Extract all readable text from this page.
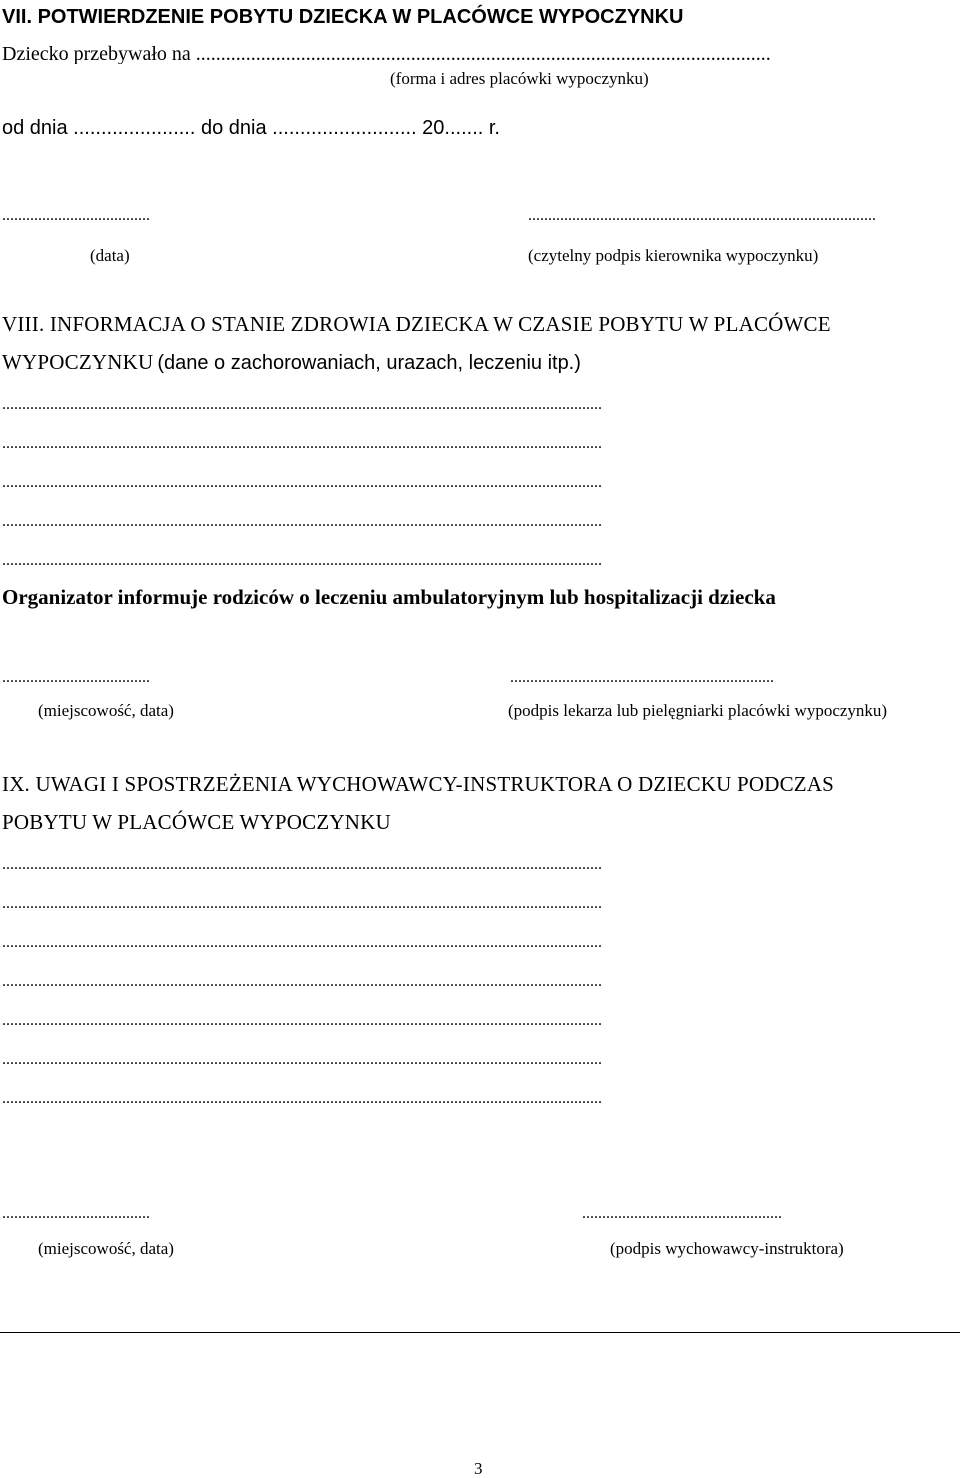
VII. POTWIERDZENIE POBYTU DZIECKA W PLACÓWCE WYPOCZYNKU
Dziecko przebywało na ...................................................................................................................
(forma i adres placówki wypoczynku)
od dnia ...................... do dnia .......................... 20....... r.
.....................................	.......................................................................................
(data)	(czytelny podpis kierownika wypoczynku)
VIII. INFORMACJA O STANIE ZDROWIA DZIECKA W CZASIE POBYTU W PLACÓWCE
WYPOCZYNKU (dane o zachorowaniach, urazach, leczeniu itp.)
......................................................................................................................................................
......................................................................................................................................................
......................................................................................................................................................
......................................................................................................................................................
......................................................................................................................................................
Organizator informuje rodziców o leczeniu ambulatoryjnym lub hospitalizacji dziecka
.....................................	..................................................................
(miejscowość, data)	(podpis lekarza lub pielęgniarki placówki wypoczynku)
IX. UWAGI I SPOSTRZEŻENIA WYCHOWAWCY-INSTRUKTORA O DZIECKU PODCZAS
POBYTU W PLACÓWCE WYPOCZYNKU
......................................................................................................................................................
......................................................................................................................................................
......................................................................................................................................................
......................................................................................................................................................
......................................................................................................................................................
......................................................................................................................................................
......................................................................................................................................................
.....................................	..................................................
(miejscowość, data)	(podpis wychowawcy-instruktora)
3
